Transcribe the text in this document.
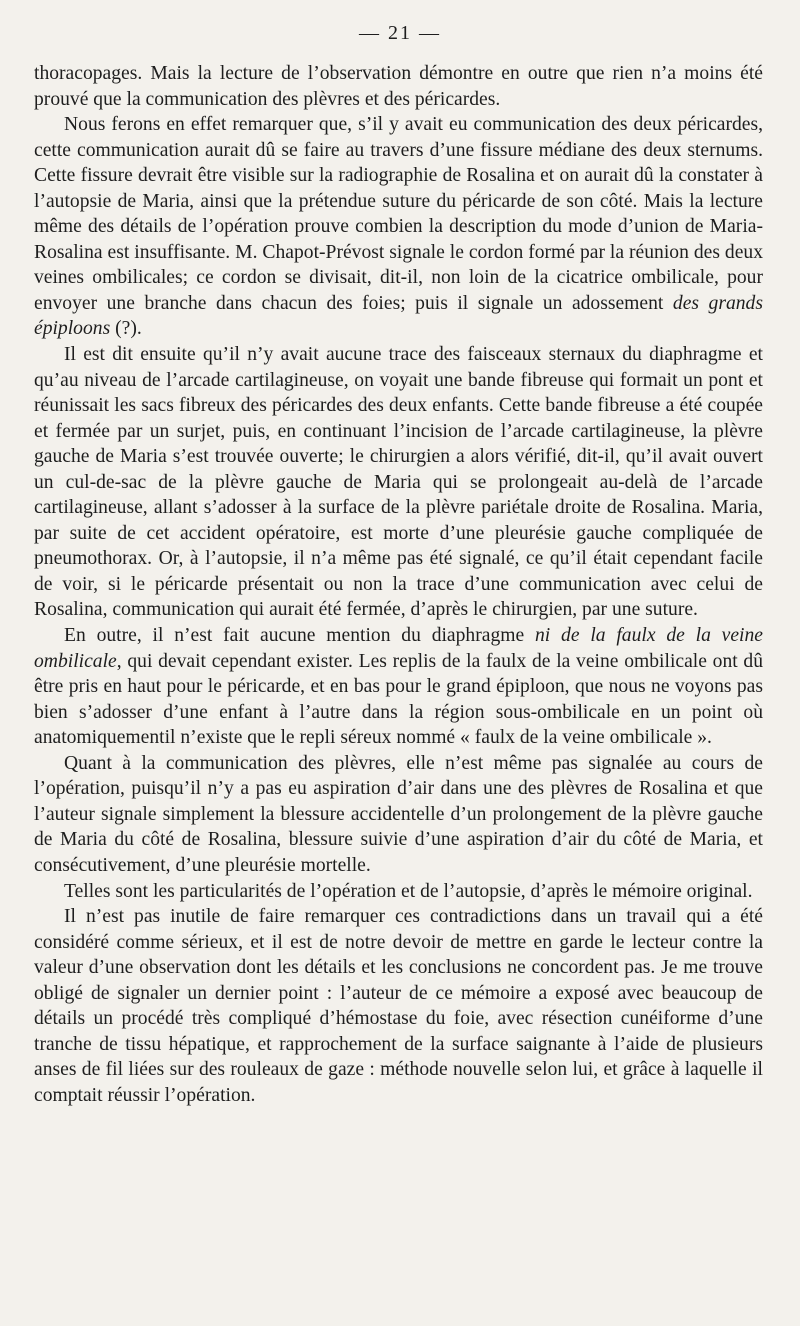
— 21 —

thoracopages. Mais la lecture de l’observation démontre en outre que rien n’a moins été prouvé que la communication des plèvres et des péricardes.

Nous ferons en effet remarquer que, s’il y avait eu communication des deux péricardes, cette communication aurait dû se faire au travers d’une fissure médiane des deux sternums. Cette fissure devrait être visible sur la radiographie de Rosalina et on aurait dû la constater à l’autopsie de Maria, ainsi que la prétendue suture du péricarde de son côté. Mais la lecture même des détails de l’opération prouve combien la description du mode d’union de Maria-Rosalina est insuffisante. M. Chapot-Prévost signale le cordon formé par la réunion des deux veines ombilicales; ce cordon se divisait, dit-il, non loin de la cicatrice ombilicale, pour envoyer une branche dans chacun des foies; puis il signale un adossement des grands épiploons (?).

Il est dit ensuite qu’il n’y avait aucune trace des faisceaux sternaux du diaphragme et qu’au niveau de l’arcade cartilagineuse, on voyait une bande fibreuse qui formait un pont et réunissait les sacs fibreux des péricardes des deux enfants. Cette bande fibreuse a été coupée et fermée par un surjet, puis, en continuant l’incision de l’arcade cartilagineuse, la plèvre gauche de Maria s’est trouvée ouverte; le chirurgien a alors vérifié, dit-il, qu’il avait ouvert un cul-de-sac de la plèvre gauche de Maria qui se prolongeait au-delà de l’arcade cartilagineuse, allant s’adosser à la surface de la plèvre pariétale droite de Rosalina. Maria, par suite de cet accident opératoire, est morte d’une pleurésie gauche compliquée de pneumothorax. Or, à l’autopsie, il n’a même pas été signalé, ce qu’il était cependant facile de voir, si le péricarde présentait ou non la trace d’une communication avec celui de Rosalina, communication qui aurait été fermée, d’après le chirurgien, par une suture.

En outre, il n’est fait aucune mention du diaphragme ni de la faulx de la veine ombilicale, qui devait cependant exister. Les replis de la faulx de la veine ombilicale ont dû être pris en haut pour le péricarde, et en bas pour le grand épiploon, que nous ne voyons pas bien s’adosser d’une enfant à l’autre dans la région sous-ombilicale en un point où anatomiquementil n’existe que le repli séreux nommé « faulx de la veine ombilicale ».

Quant à la communication des plèvres, elle n’est même pas signalée au cours de l’opération, puisqu’il n’y a pas eu aspiration d’air dans une des plèvres de Rosalina et que l’auteur signale simplement la blessure accidentelle d’un prolongement de la plèvre gauche de Maria du côté de Rosalina, blessure suivie d’une aspiration d’air du côté de Maria, et consécutivement, d’une pleurésie mortelle.

Telles sont les particularités de l’opération et de l’autopsie, d’après le mémoire original.

Il n’est pas inutile de faire remarquer ces contradictions dans un travail qui a été considéré comme sérieux, et il est de notre devoir de mettre en garde le lecteur contre la valeur d’une observation dont les détails et les conclusions ne concordent pas. Je me trouve obligé de signaler un dernier point : l’auteur de ce mémoire a exposé avec beaucoup de détails un procédé très compliqué d’hémostase du foie, avec résection cunéiforme d’une tranche de tissu hépatique, et rapprochement de la surface saignante à l’aide de plusieurs anses de fil liées sur des rouleaux de gaze : méthode nouvelle selon lui, et grâce à laquelle il comptait réussir l’opération.
